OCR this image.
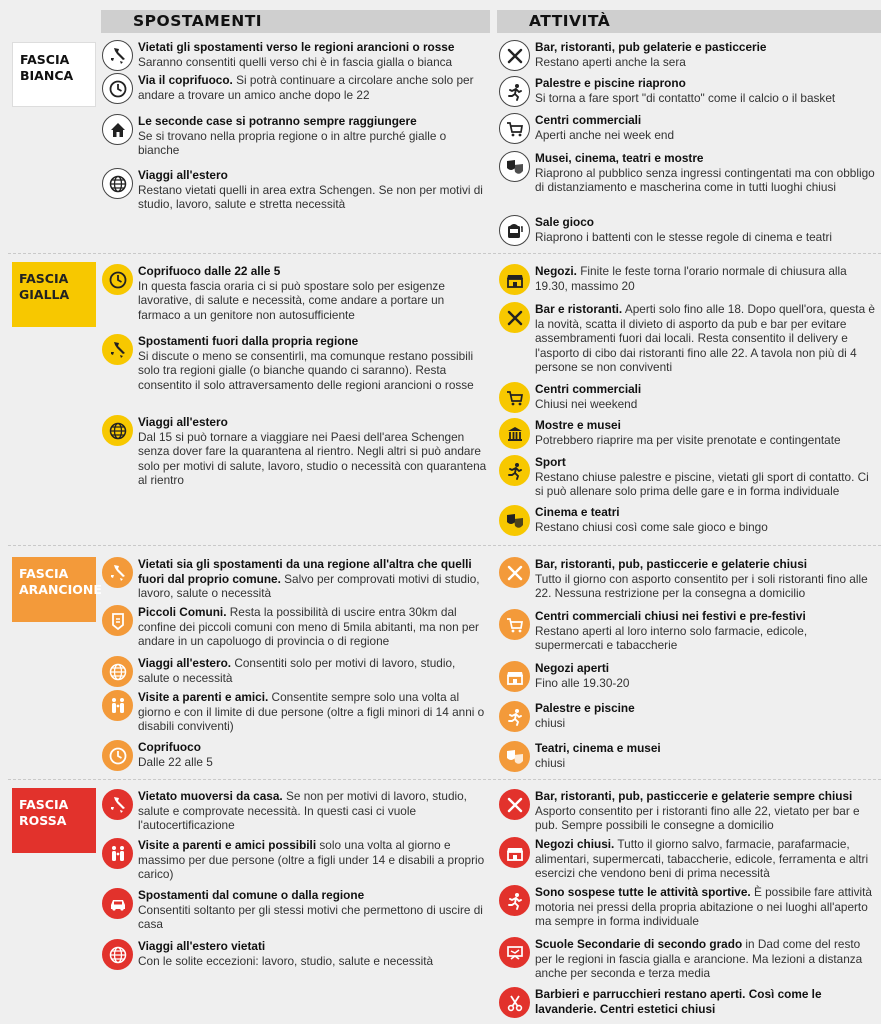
SPOSTAMENTI	ATTIVITÀ
FASCIA
BIANCA
FASCIA
GIALLA
FASCIA
ARANCIONE
FASCIA
ROSSA
Vietati gli spostamenti verso le regioni arancioni o rosse
Saranno consentiti quelli verso chi è in fascia gialla o bianca
Via il coprifuoco. Si potrà continuare a circolare anche solo per andare a trovare un amico anche dopo le 22
Le seconde case si potranno sempre raggiungere
Se si trovano nella propria regione o in altre purché gialle o bianche
Viaggi all'estero
Restano vietati quelli in area extra Schengen. Se non per motivi di studio, lavoro, salute e stretta necessità
Bar, ristoranti, pub gelaterie e pasticcerie
Restano aperti anche la sera
Palestre e piscine riaprono
Si torna a fare sport "di contatto" come il calcio o il basket
Centri commerciali
Aperti anche nei week end
Musei, cinema, teatri e mostre
Riaprono al pubblico senza ingressi contingentati ma con obbligo di distanziamento e mascherina come in tutti luoghi chiusi
Sale gioco
Riaprono i battenti con le stesse regole di cinema e teatri
Coprifuoco dalle 22 alle 5
In questa fascia oraria ci si può spostare solo per esigenze lavorative, di salute e necessità, come andare a portare un farmaco a un genitore non autosufficiente
Spostamenti fuori dalla propria regione
Si discute o meno se consentirli, ma comunque restano possibili solo tra regioni gialle (o bianche quando ci saranno). Resta consentito il solo attraversamento delle regioni arancioni o rosse
Viaggi all'estero
Dal 15 si può tornare a viaggiare nei Paesi dell'area Schengen senza dover fare la quarantena al rientro. Negli altri si può andare solo per motivi di salute, lavoro, studio o necessità con quarantena al rientro
Negozi. Finite le feste torna l'orario normale di chiusura alla 19.30, massimo 20
Bar e ristoranti. Aperti solo fino alle 18. Dopo quell'ora, questa è la novità, scatta il divieto di asporto da pub e bar per evitare assembramenti fuori dai locali. Resta consentito il delivery e l'asporto di cibo dai ristoranti fino alle 22. A tavola non più di 4 persone se non conviventi
Centri commerciali
Chiusi nei weekend
Mostre e musei
Potrebbero riaprire ma per visite prenotate e contingentate
Sport
Restano chiuse palestre e piscine, vietati gli sport di contatto. Ci si può allenare solo prima delle gare e in forma individuale
Cinema e teatri
Restano chiusi così come sale gioco e bingo
Vietati sia gli spostamenti da una regione all'altra che quelli fuori dal proprio comune. Salvo per comprovati motivi di studio, lavoro, salute o necessità
Piccoli Comuni. Resta la possibilità di uscire entra 30km dal confine dei piccoli comuni con meno di 5mila abitanti, ma non per andare in un capoluogo di provincia o di regione
Viaggi all'estero. Consentiti solo per motivi di lavoro, studio, salute o necessità
Visite a parenti e amici. Consentite sempre solo una volta al giorno e con il limite di due persone (oltre a figli minori di 14 anni o disabili conviventi)
Coprifuoco
Dalle 22 alle 5
Bar, ristoranti, pub, pasticcerie e gelaterie chiusi
Tutto il giorno con asporto consentito per i soli ristoranti fino alle 22. Nessuna restrizione per la consegna a domicilio
Centri commerciali chiusi nei festivi e pre-festivi
Restano aperti al loro interno solo farmacie, edicole, supermercati e tabaccherie
Negozi aperti
Fino alle 19.30-20
Palestre e piscine
chiusi
Teatri, cinema e musei
chiusi
Vietato muoversi da casa. Se non per motivi di lavoro, studio, salute e comprovate necessità. In questi casi ci vuole l'autocertificazione
Visite a parenti e amici possibili solo una volta al giorno e massimo per due persone (oltre a figli under 14 e disabili a proprio carico)
Spostamenti dal comune o dalla regione
Consentiti soltanto per gli stessi motivi che permettono di uscire di casa
Viaggi all'estero vietati
Con le solite eccezioni: lavoro, studio, salute e necessità
Bar, ristoranti, pub, pasticcerie e gelaterie sempre chiusi
Asporto consentito per i ristoranti fino alle 22, vietato per bar e pub. Sempre possibili le consegne a domicilio
Negozi chiusi. Tutto il giorno salvo, farmacie, parafarmacie, alimentari, supermercati, tabaccherie, edicole, ferramenta e altri esercizi che vendono beni di prima necessità
Sono sospese tutte le attività sportive. È possibile fare attività motoria nei pressi della propria abitazione o nei luoghi all'aperto ma sempre in forma individuale
Scuole Secondarie di secondo grado in Dad come del resto per le regioni in fascia gialla e arancione. Ma lezioni a distanza anche per seconda e terza media
Barbieri e parrucchieri restano aperti. Così come le lavanderie. Centri estetici chiusi
